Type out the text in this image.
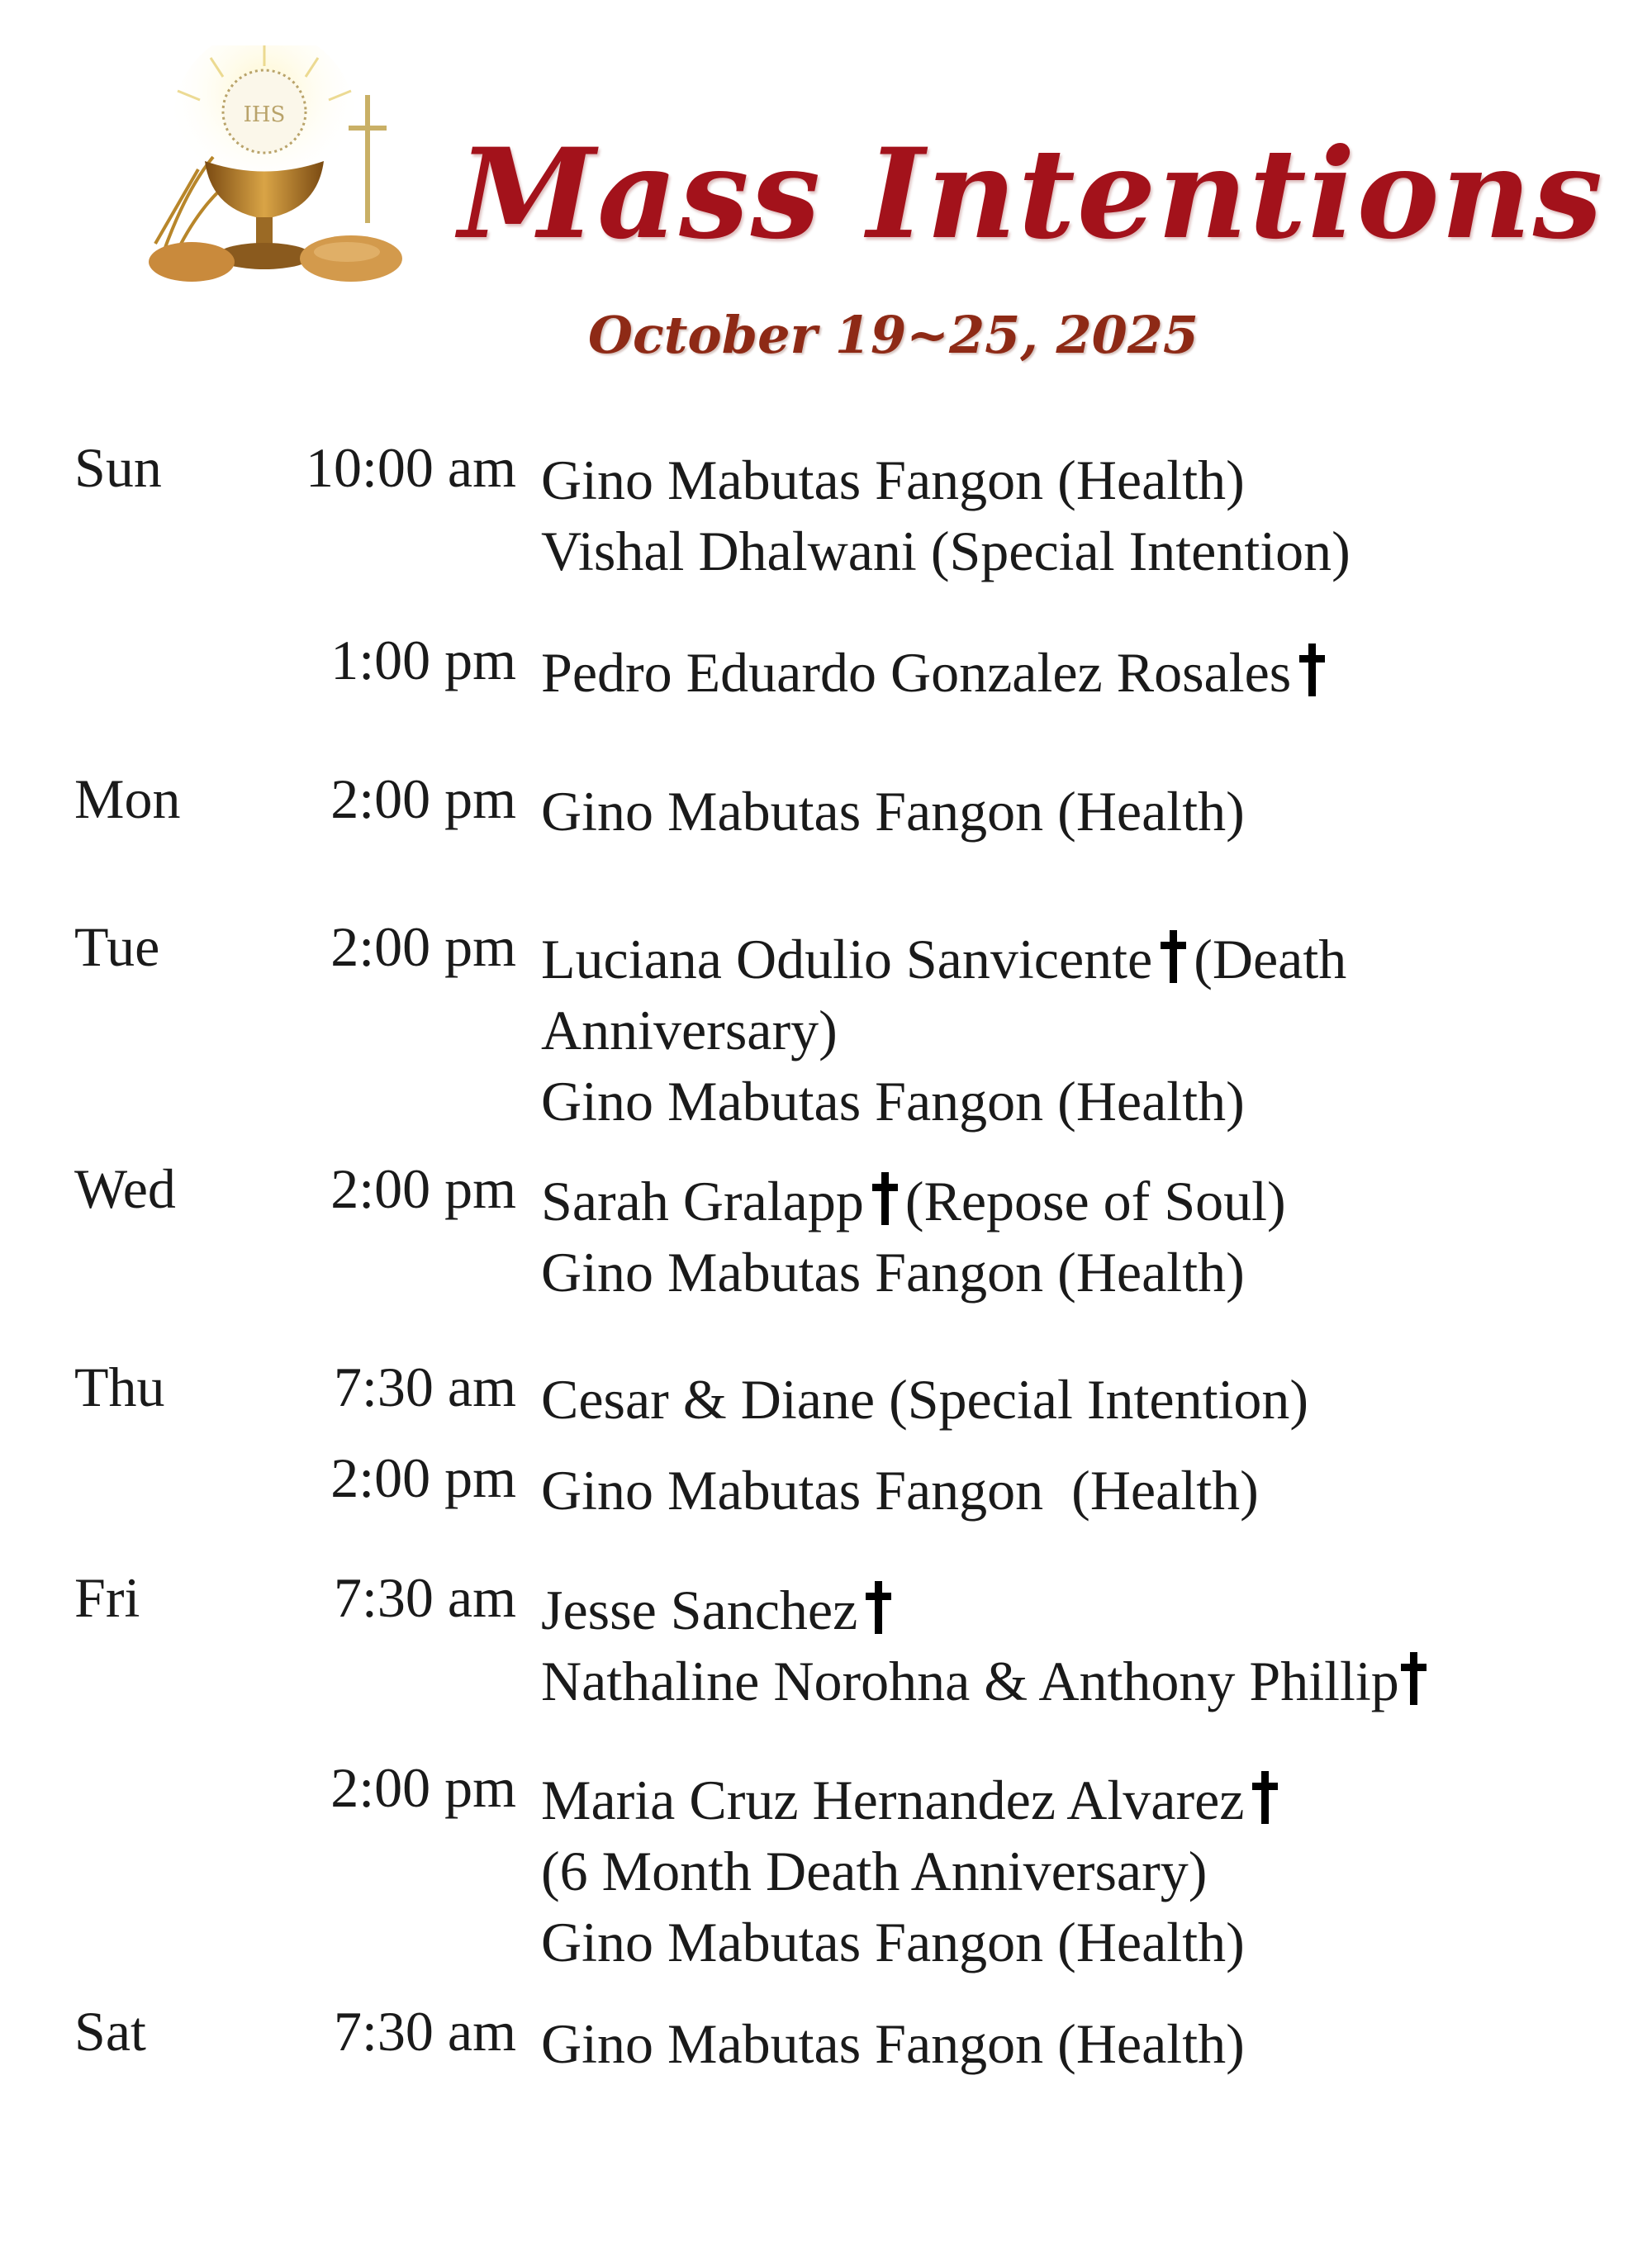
IHS
Mass Intentions
October 19~25, 2025
Sun	10:00 am Gino Mabutas Fangon (Health)
Vishal Dhalwani (Special Intention)
1:00 pm Pedro Eduardo Gonzalez Rosales
Mon	2:00 pm Gino Mabutas Fangon (Health)
Tue	2:00 pm Luciana Odulio Sanvicente (Death
Anniversary)
Gino Mabutas Fangon (Health)
Wed	2:00 pm Sarah Gralapp (Repose of Soul)
Gino Mabutas Fangon (Health)
Thu	7:30 am Cesar & Diane (Special Intention)
2:00 pm Gino Mabutas Fangon  (Health)
Fri	7:30 am Jesse Sanchez
Nathaline Norohna & Anthony Phillip
2:00 pm Maria Cruz Hernandez Alvarez
(6 Month Death Anniversary)
Gino Mabutas Fangon (Health)
Sat	7:30 am Gino Mabutas Fangon (Health)
